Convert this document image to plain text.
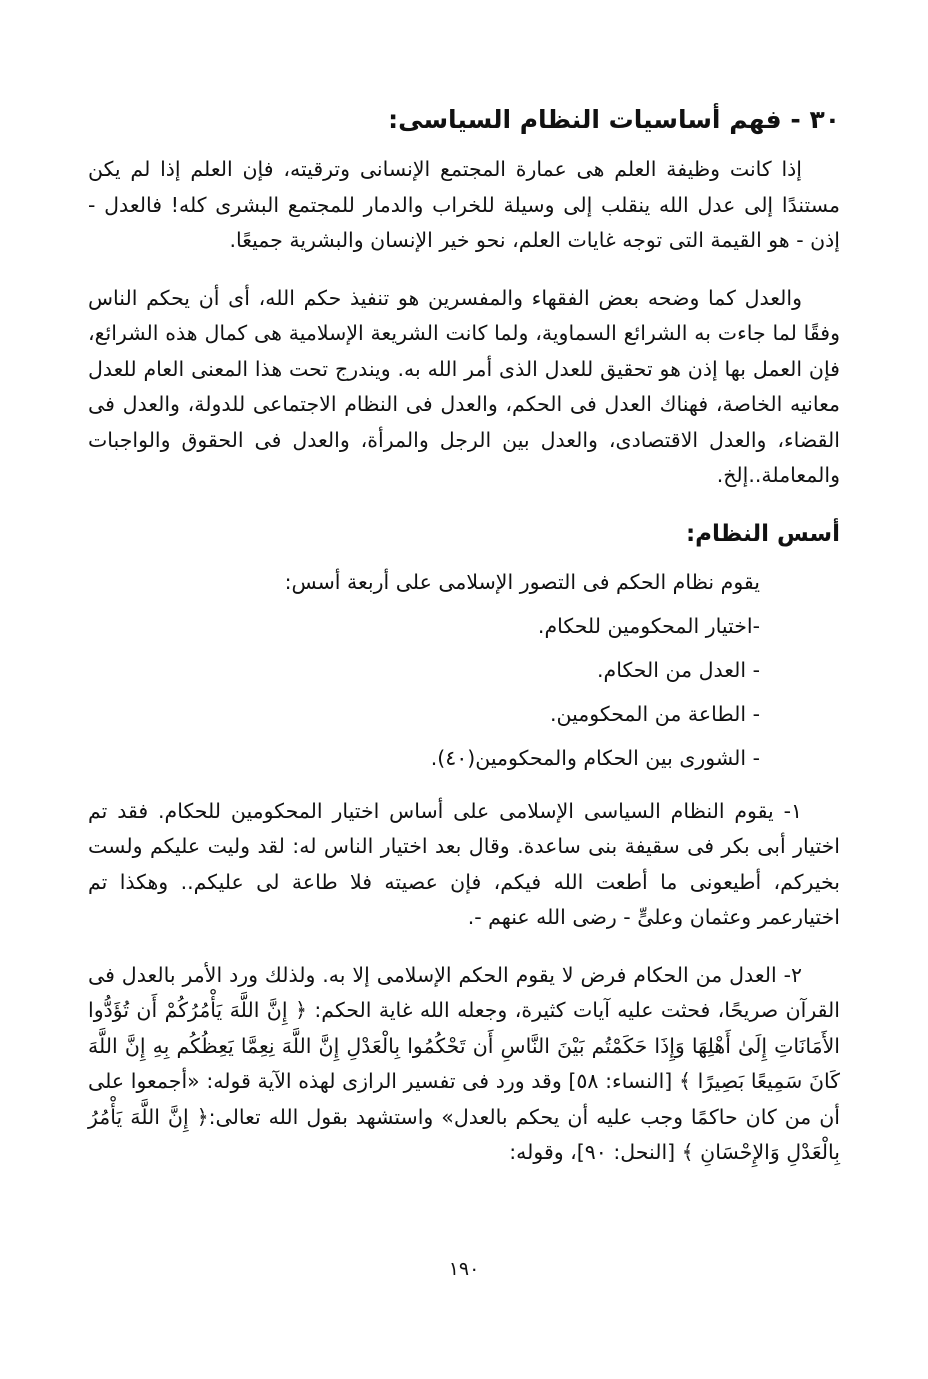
٣٠ - فهم أساسيات النظام السياسى:

إذا كانت وظيفة العلم هى عمارة المجتمع الإنسانى وترقيته، فإن العلم إذا لم يكن مستندًا إلى عدل الله ينقلب إلى وسيلة للخراب والدمار للمجتمع البشرى كله! فالعدل - إذن - هو القيمة التى توجه غايات العلم، نحو خير الإنسان والبشرية جميعًا.

والعدل كما وضحه بعض الفقهاء والمفسرين هو تنفيذ حكم الله، أى أن يحكم الناس وفقًا لما جاءت به الشرائع السماوية، ولما كانت الشريعة الإسلامية هى كمال هذه الشرائع، فإن العمل بها إذن هو تحقيق للعدل الذى أمر الله به. ويندرج تحت هذا المعنى العام للعدل معانيه الخاصة، فهناك العدل فى الحكم، والعدل فى النظام الاجتماعى للدولة، والعدل فى القضاء، والعدل الاقتصادى، والعدل بين الرجل والمرأة، والعدل فى الحقوق والواجبات والمعاملة..إلخ.

أسس النظام:
يقوم نظام الحكم فى التصور الإسلامى على أربعة أسس:
-اختيار المحكومين للحكام.
- العدل من الحكام.
- الطاعة من المحكومين.
- الشورى بين الحكام والمحكومين(٤٠).

١- يقوم النظام السياسى الإسلامى على أساس اختيار المحكومين للحكام. فقد تم اختيار أبى بكر فى سقيفة بنى ساعدة. وقال بعد اختيار الناس له: لقد وليت عليكم ولست بخيركم، أطيعونى ما أطعت الله فيكم، فإن عصيته فلا طاعة لى عليكم.. وهكذا تم اختيارعمر وعثمان وعلىٍّ - رضى الله عنهم -.

٢- العدل من الحكام فرض لا يقوم الحكم الإسلامى إلا به. ولذلك ورد الأمر بالعدل فى القرآن صريحًا، فحثت عليه آيات كثيرة، وجعله الله غاية الحكم: ﴿ إِنَّ اللَّهَ يَأْمُرُكُمْ أَن تُؤَدُّوا الأَمَانَاتِ إِلَىٰ أَهْلِهَا وَإِذَا حَكَمْتُم بَيْنَ النَّاسِ أَن تَحْكُمُوا بِالْعَدْلِ إِنَّ اللَّهَ نِعِمَّا يَعِظُكُم بِهِ إِنَّ اللَّهَ كَانَ سَمِيعًا بَصِيرًا ﴾ [النساء: ٥٨] وقد ورد فى تفسير الرازى لهذه الآية قوله: «أجمعوا على أن من كان حاكمًا وجب عليه أن يحكم بالعدل» واستشهد بقول الله تعالى:﴿ إِنَّ اللَّهَ يَأْمُرُ بِالْعَدْلِ وَالإِحْسَانِ ﴾ [النحل: ٩٠]، وقوله:

١٩٠
